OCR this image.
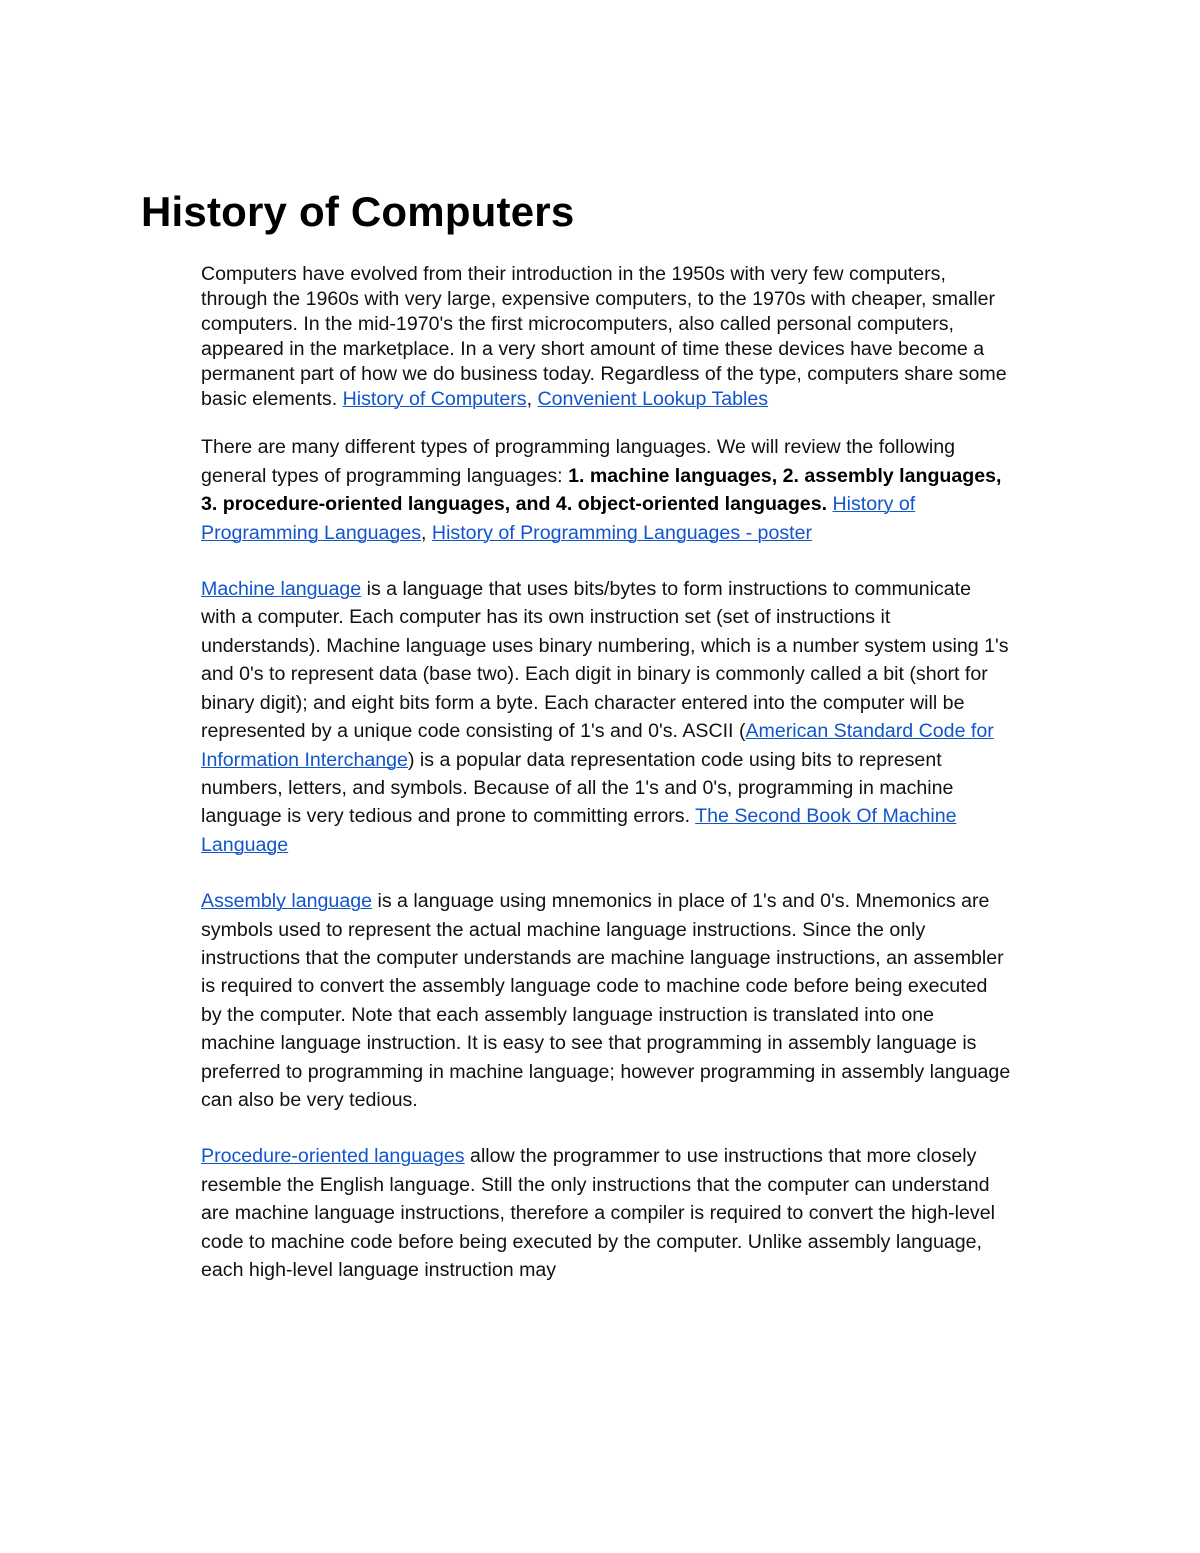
History of Computers

Computers have evolved from their introduction in the 1950s with very few computers, through the 1960s with very large, expensive computers, to the 1970s with cheaper, smaller computers. In the mid-1970's the first microcomputers, also called personal computers, appeared in the marketplace. In a very short amount of time these devices have become a permanent part of how we do business today. Regardless of the type, computers share some basic elements. History of Computers, Convenient Lookup Tables

There are many different types of programming languages. We will review the following general types of programming languages: 1. machine languages, 2. assembly languages, 3. procedure-oriented languages, and 4. object-oriented languages. History of Programming Languages, History of Programming Languages - poster

Machine language is a language that uses bits/bytes to form instructions to communicate with a computer. Each computer has its own instruction set (set of instructions it understands). Machine language uses binary numbering, which is a number system using 1's and 0's to represent data (base two). Each digit in binary is commonly called a bit (short for binary digit); and eight bits form a byte. Each character entered into the computer will be represented by a unique code consisting of 1's and 0's. ASCII (American Standard Code for Information Interchange) is a popular data representation code using bits to represent numbers, letters, and symbols. Because of all the 1's and 0's, programming in machine language is very tedious and prone to committing errors. The Second Book Of Machine Language

Assembly language is a language using mnemonics in place of 1's and 0's. Mnemonics are symbols used to represent the actual machine language instructions. Since the only instructions that the computer understands are machine language instructions, an assembler is required to convert the assembly language code to machine code before being executed by the computer. Note that each assembly language instruction is translated into one machine language instruction. It is easy to see that programming in assembly language is preferred to programming in machine language; however programming in assembly language can also be very tedious.

Procedure-oriented languages allow the programmer to use instructions that more closely resemble the English language. Still the only instructions that the computer can understand are machine language instructions, therefore a compiler is required to convert the high-level code to machine code before being executed by the computer. Unlike assembly language, each high-level language instruction may
